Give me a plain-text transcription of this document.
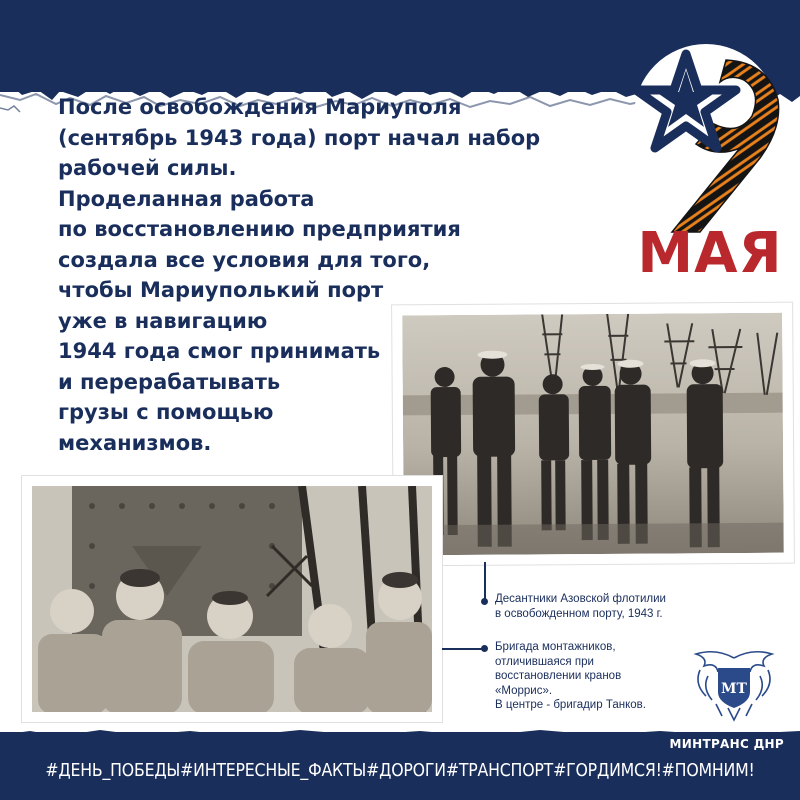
После освобождения Мариуполя
(сентябрь 1943 года) порт начал набор
рабочей силы.
Проделанная работа
по восстановлению предприятия
создала все условия для того,
чтобы Мариуполький порт
уже в навигацию
1944 года смог принимать
и перерабатывать
грузы с помощью
механизмов.

МАЯ

Десантники Азовской флотилии
в освобожденном порту, 1943 г.

Бригада монтажников,
отличившаяся при
восстановлении кранов
«Моррис».
В центре - бригадир Танков.

МТ
МИНТРАНС ДНР
#ДЕНЬ_ПОБЕДЫ#ИНТЕРЕСНЫЕ_ФАКТЫ#ДОРОГИ#ТРАНСПОРТ#ГОРДИМСЯ!#ПОМНИМ!
